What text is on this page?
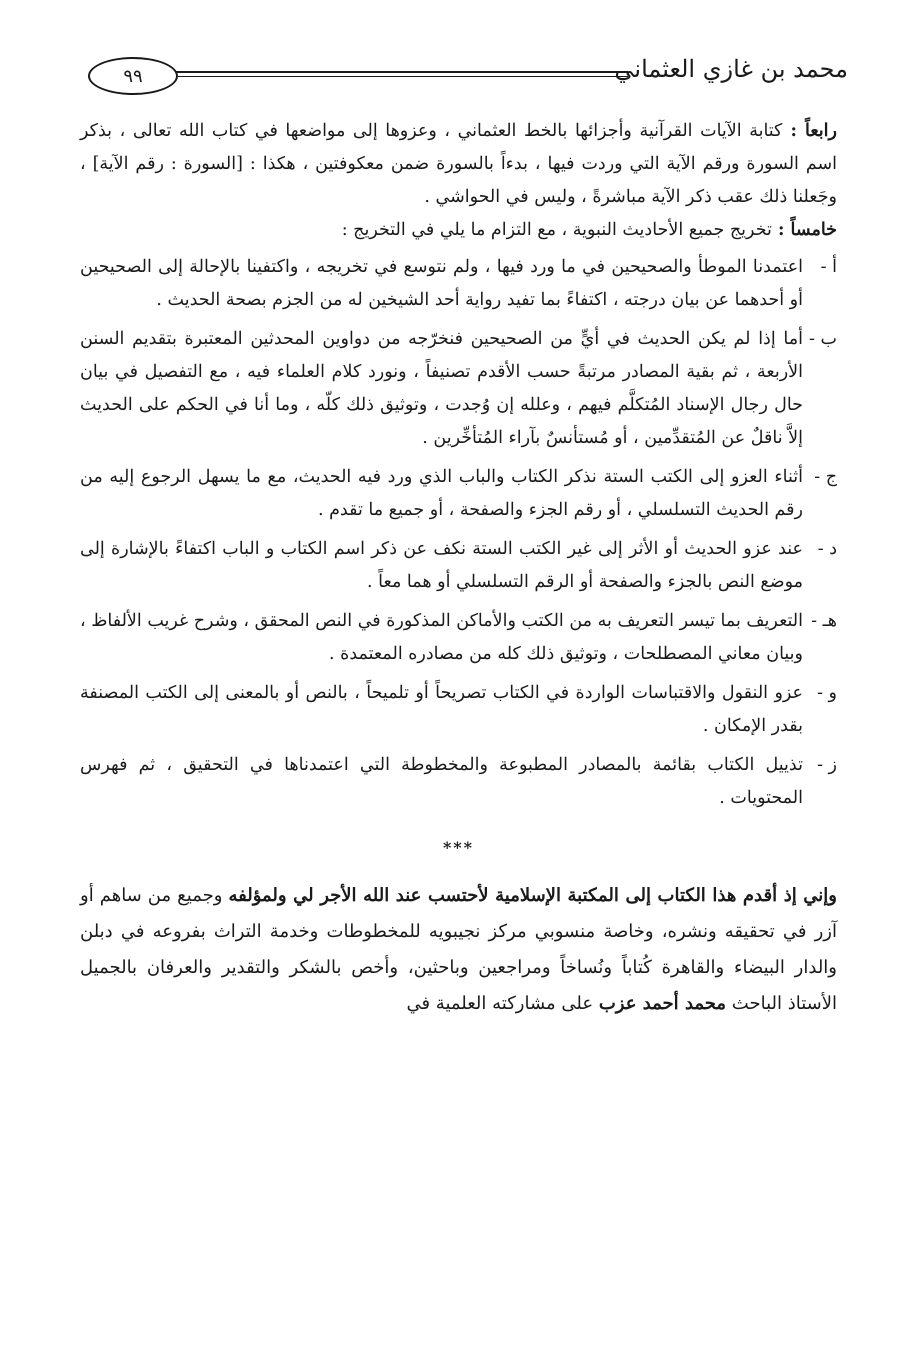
٩٩	محمد بن غازي العثماني

رابعاً : كتابة الآيات القرآنية وأجزائها بالخط العثماني ، وعزوها إلى مواضعها في كتاب الله تعالى ، بذكر اسم السورة ورقم الآية التي وردت فيها ، بدءاً بالسورة ضمن معكوفتين ، هكذا : [السورة : رقم الآية] ، وجَعلنا ذلك عقب ذكر الآية مباشرةً ، وليس في الحواشي .

خامساً : تخريج جميع الأحاديث النبوية ، مع التزام ما يلي في التخريج :

أ -
اعتمدنا الموطأ والصحيحين في ما ورد فيها ، ولم نتوسع في تخريجه ، واكتفينا بالإحالة إلى الصحيحين أو أحدهما عن بيان درجته ، اكتفاءً بما تفيد رواية أحد الشيخين له من الجزم بصحة الحديث .
ب -
أما إذا لم يكن الحديث في أيٍّ من الصحيحين فنخرّجه من دواوين المحدثين المعتبرة بتقديم السنن الأربعة ، ثم بقية المصادر مرتبةً حسب الأقدم تصنيفاً ، ونورد كلام العلماء فيه ، مع التفصيل في بيان حال رجال الإسناد المُتكلَّم فيهم ، وعلله إن وُجدت ، وتوثيق ذلك كلّه ، وما أنا في الحكم على الحديث إلاَّ ناقلٌ عن المُتقدِّمين ، أو مُستأنسٌ بآراء المُتأخِّرين .
ج -
أثناء العزو إلى الكتب الستة نذكر الكتاب والباب الذي ورد فيه الحديث، مع ما يسهل الرجوع إليه من رقم الحديث التسلسلي ، أو رقم الجزء والصفحة ، أو جميع ما تقدم .
د -
عند عزو الحديث أو الأثر إلى غير الكتب الستة نكف عن ذكر اسم الكتاب و الباب اكتفاءً بالإشارة إلى موضع النص بالجزء والصفحة أو الرقم التسلسلي أو هما معاً .
هـ -
التعريف بما تيسر التعريف به من الكتب والأماكن المذكورة في النص المحقق ، وشرح غريب الألفاظ ، وبيان معاني المصطلحات ، وتوثيق ذلك كله من مصادره المعتمدة .
و -
عزو النقول والاقتباسات الواردة في الكتاب تصريحاً أو تلميحاً ، بالنص أو بالمعنى إلى الكتب المصنفة بقدر الإمكان .
ز -
تذييل الكتاب بقائمة بالمصادر المطبوعة والمخطوطة التي اعتمدناها في التحقيق ، ثم فهرس المحتويات .
***

وإني إذ أقدم هذا الكتاب إلى المكتبة الإسلامية لأحتسب عند الله الأجر لي ولمؤلفه وجميع من ساهم أو آزر في تحقيقه ونشره، وخاصة منسوبي مركز نجيبويه للمخطوطات وخدمة التراث بفروعه في دبلن والدار البيضاء والقاهرة كُتاباً ونُساخاً ومراجعين وباحثين، وأخص بالشكر والتقدير والعرفان بالجميل الأستاذ الباحث محمد أحمد عزب على مشاركته العلمية في
